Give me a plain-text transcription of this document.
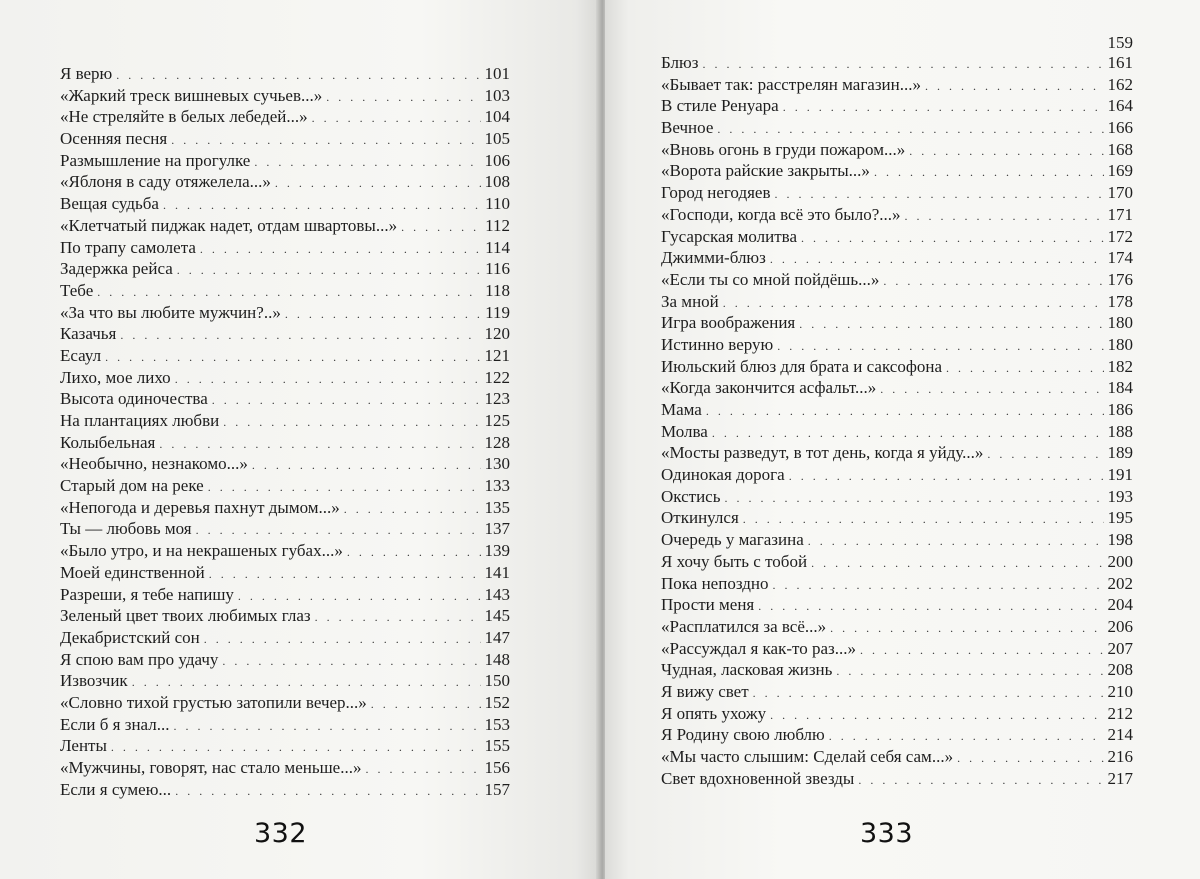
Я верю . . .	101
«Жаркий треск вишневых сучьев...» . . .	103
«Не стреляйте в белых лебедей...» . . .	104
Осенняя песня . . .	105
Размышление на прогулке . . .	106
«Яблоня в саду отяжелела...» . . .	108
Вещая судьба . . .	110
«Клетчатый пиджак надет, отдам швартовы...» . . .	112
По трапу самолета . . .	114
Задержка рейса . . .	116
Тебе . . .	118
«За что вы любите мужчин?..» . . .	119
Казачья . . .	120
Есаул . . .	121
Лихо, мое лихо . . .	122
Высота одиночества . . .	123
На плантациях любви . . .	125
Колыбельная . . .	128
«Необычно, незнакомо...» . . .	130
Старый дом на реке . . .	133
«Непогода и деревья пахнут дымом...» . . .	135
Ты — любовь моя . . .	137
«Было утро, и на некрашеных губах...» . . .	139
Моей единственной . . .	141
Разреши, я тебе напишу . . .	143
Зеленый цвет твоих любимых глаз . . .	145
Декабристский сон . . .	147
Я спою вам про удачу . . .	148
Извозчик . . .	150
«Словно тихой грустью затопили вечер...» . . .	152
Если б я знал... . . .	153
Ленты . . .	155
«Мужчины, говорят, нас стало меньше...» . . .	156
Если я сумею... . . .	157
332
159
Блюз . . .	161
«Бывает так: расстрелян магазин...» . . .	162
В стиле Ренуара . . .	164
Вечное . . .	166
«Вновь огонь в груди пожаром...» . . .	168
«Ворота райские закрыты...» . . .	169
Город негодяев . . .	170
«Господи, когда всё это было?...» . . .	171
Гусарская молитва . . .	172
Джимми-блюз . . .	174
«Если ты со мной пойдёшь...» . . .	176
За мной . . .	178
Игра воображения . . .	180
Истинно верую . . .	180
Июльский блюз для брата и саксофона . . .	182
«Когда закончится асфальт...» . . .	184
Мама . . .	186
Молва . . .	188
«Мосты разведут, в тот день, когда я уйду...» . . .	189
Одинокая дорога . . .	191
Окстись . . .	193
Откинулся . . .	195
Очередь у магазина . . .	198
Я хочу быть с тобой . . .	200
Пока непоздно . . .	202
Прости меня . . .	204
«Расплатился за всё...» . . .	206
«Рассуждал я как-то раз...» . . .	207
Чудная, ласковая жизнь . . .	208
Я вижу свет . . .	210
Я опять ухожу . . .	212
Я Родину свою люблю . . .	214
«Мы часто слышим: Сделай себя сам...» . . .	216
Свет вдохновенной звезды . . .	217
333
